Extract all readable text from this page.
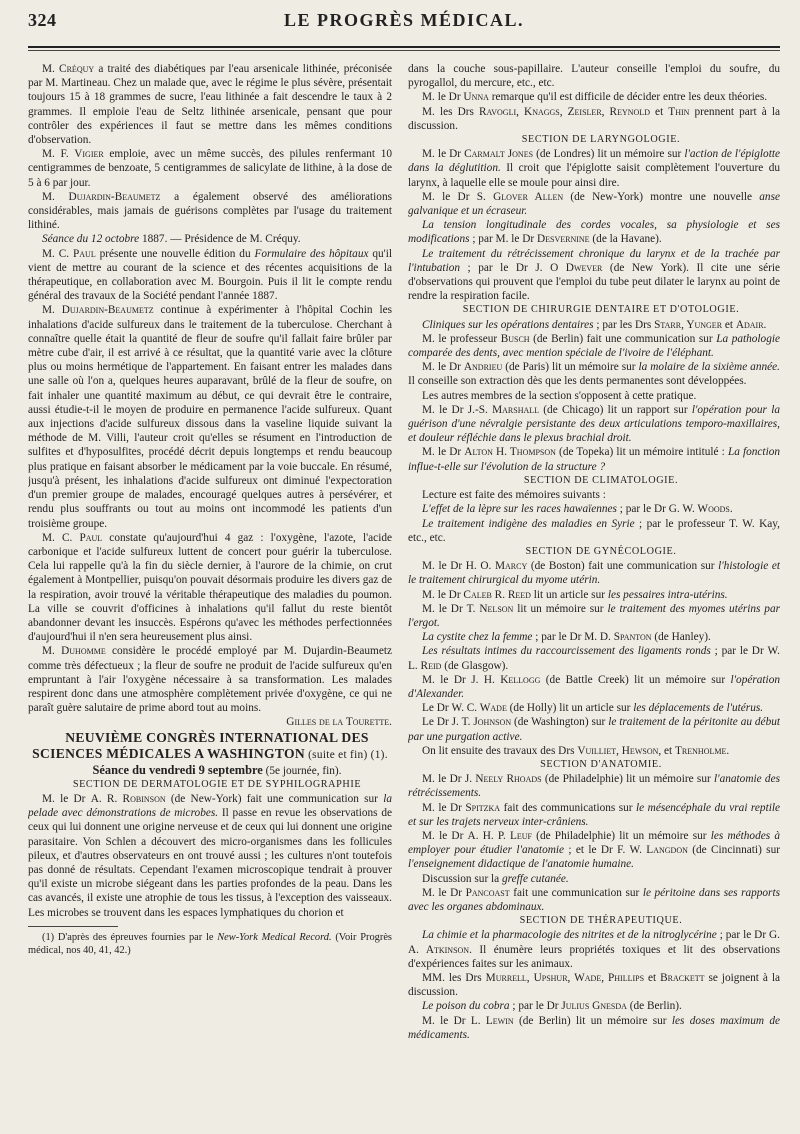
324	LE PROGRÈS MÉDICAL.

M. Créquy a traité des diabétiques par l'eau arsenicale lithinée, préconisée par M. Martineau. Chez un malade que, avec le régime le plus sévère, présentait toujours 15 à 18 grammes de sucre, l'eau lithinée a fait descendre le taux à 2 grammes. Il emploie l'eau de Seltz lithinée arsenicale, pensant que pour contrôler des expériences il faut se mettre dans les mêmes conditions d'observation.

M. F. Vigier emploie, avec un même succès, des pilules renfermant 10 centigrammes de benzoate, 5 centigrammes de salicylate de lithine, à la dose de 5 à 6 par jour.

M. Dujardin-Beaumetz a également observé des améliorations considérables, mais jamais de guérisons complètes par l'usage du traitement lithiné.

Séance du 12 octobre 1887. — Présidence de M. Créquy.

M. C. Paul présente une nouvelle édition du Formulaire des hôpitaux qu'il vient de mettre au courant de la science et des récentes acquisitions de la thérapeutique, en collaboration avec M. Bourgoin. Puis il lit le compte rendu général des travaux de la Société pendant l'année 1887.

M. Dujardin-Beaumetz continue à expérimenter à l'hôpital Cochin les inhalations d'acide sulfureux dans le traitement de la tuberculose. Cherchant à connaître quelle était la quantité de fleur de soufre qu'il fallait faire brûler par mètre cube d'air, il est arrivé à ce résultat, que la quantité varie avec la clôture plus ou moins hermétique de l'appartement. En faisant entrer les malades dans une salle où l'on a, quelques heures auparavant, brûlé de la fleur de soufre, on fait inhaler une quantité maximum au début, ce qui devrait être le contraire, aussi étudie-t-il le moyen de produire en permanence l'acide sulfureux. Quant aux injections d'acide sulfureux dissous dans la vaseline liquide suivant la méthode de M. Villi, l'auteur croit qu'elles se résument en l'introduction de sulfites et d'hyposulfites, procédé décrit depuis longtemps et rendu beaucoup plus pratique en faisant absorber le médicament par la voie buccale. En résumé, jusqu'à présent, les inhalations d'acide sulfureux ont diminué l'expectoration d'un premier groupe de malades, encouragé quelques autres à persévérer, et rendu plus souffrants ou tout au moins ont incommodé les patients d'un troisième groupe.

M. C. Paul constate qu'aujourd'hui 4 gaz : l'oxygène, l'azote, l'acide carbonique et l'acide sulfureux luttent de concert pour guérir la tuberculose. Cela lui rappelle qu'à la fin du siècle dernier, à l'aurore de la chimie, on crut également à Montpellier, puisqu'on pouvait désormais produire les divers gaz de la respiration, avoir trouvé la véritable thérapeutique des maladies du poumon. La ville se couvrit d'officines à inhalations qu'il fallut du reste bientôt abandonner devant les insuccès. Espérons qu'avec les méthodes perfectionnées d'aujourd'hui il n'en sera heureusement plus ainsi.

M. Duhomme considère le procédé employé par M. Dujardin-Beaumetz comme très défectueux ; la fleur de soufre ne produit de l'acide sulfureux qu'en empruntant à l'air l'oxygène nécessaire à sa transformation. Les malades respirent donc dans une atmosphère complètement privée d'oxygène, ce qui ne paraît guère salutaire de prime abord tout au moins.

Gilles de la Tourette.

NEUVIÈME CONGRÈS INTERNATIONAL DES SCIENCES MÉDICALES A WASHINGTON (suite et fin) (1).

Séance du vendredi 9 septembre (5e journée, fin).

SECTION DE DERMATOLOGIE ET DE SYPHILOGRAPHIE

M. le Dr A. R. Robinson (de New-York) fait une communication sur la pelade avec démonstrations de microbes. Il passe en revue les observations de ceux qui lui donnent une origine nerveuse et de ceux qui lui donnent une origine parasitaire. Von Schlen a découvert des micro-organismes dans les follicules pileux, et d'autres observateurs en ont trouvé aussi ; les cultures n'ont toutefois pas donné de résultats. Cependant l'examen microscopique tendrait à prouver qu'il existe un microbe siégeant dans les parties profondes de la peau. Dans les cas avancés, il existe une atrophie de tous les tissus, à l'exception des vaisseaux. Les microbes se trouvent dans les espaces lymphatiques du chorion et

(1) D'après des épreuves fournies par le New-York Medical Record. (Voir Progrès médical, nos 40, 41, 42.)

dans la couche sous-papillaire. L'auteur conseille l'emploi du soufre, du pyrogallol, du mercure, etc., etc.

M. le Dr Unna remarque qu'il est difficile de décider entre les deux théories.

M. les Drs Ravogli, Knaggs, Zeisler, Reynold et Thin prennent part à la discussion.

SECTION DE LARYNGOLOGIE.

M. le Dr Carmalt Jones (de Londres) lit un mémoire sur l'action de l'épiglotte dans la déglutition. Il croit que l'épiglotte saisit complètement l'ouverture du larynx, à laquelle elle se moule pour ainsi dire.

M. le Dr S. Glover Allen (de New-York) montre une nouvelle anse galvanique et un écraseur.

La tension longitudinale des cordes vocales, sa physiologie et ses modifications ; par M. le Dr Desvernine (de la Havane).

Le traitement du rétrécissement chronique du larynx et de la trachée par l'intubation ; par le Dr J. O Dwever (de New York). Il cite une série d'observations qui prouvent que l'emploi du tube peut dilater le larynx au point de rendre la respiration facile.

SECTION DE CHIRURGIE DENTAIRE ET D'OTOLOGIE.

Cliniques sur les opérations dentaires ; par les Drs Starr, Yunger et Adair.

M. le professeur Busch (de Berlin) fait une communication sur La pathologie comparée des dents, avec mention spéciale de l'ivoire de l'éléphant.

M. le Dr Andrieu (de Paris) lit un mémoire sur la molaire de la sixième année. Il conseille son extraction dès que les dents permanentes sont développées.

Les autres membres de la section s'opposent à cette pratique.

M. le Dr J.-S. Marshall (de Chicago) lit un rapport sur l'opération pour la guérison d'une névralgie persistante des deux articulations temporo-maxillaires, et douleur réfléchie dans le plexus brachial droit.

M. le Dr Alton H. Thompson (de Topeka) lit un mémoire intitulé : La fonction influe-t-elle sur l'évolution de la structure ?

SECTION DE CLIMATOLOGIE.

Lecture est faite des mémoires suivants :

L'effet de la lèpre sur les races hawaïennes ; par le Dr G. W. Woods.

Le traitement indigène des maladies en Syrie ; par le professeur T. W. Kay, etc., etc.

SECTION DE GYNÉCOLOGIE.

M. le Dr H. O. Marcy (de Boston) fait une communication sur l'histologie et le traitement chirurgical du myome utérin.

M. le Dr Caleb R. Reed lit un article sur les pessaires intra-utérins.

M. le Dr T. Nelson lit un mémoire sur le traitement des myomes utérins par l'ergot.

La cystite chez la femme ; par le Dr M. D. Spanton (de Hanley).

Les résultats intimes du raccourcissement des ligaments ronds ; par le Dr W. L. Reid (de Glasgow).

M. le Dr J. H. Kellogg (de Battle Creek) lit un mémoire sur l'opération d'Alexander.

Le Dr W. C. Wade (de Holly) lit un article sur les déplacements de l'utérus.

Le Dr J. T. Johnson (de Washington) sur le traitement de la péritonite au début par une purgation active.

On lit ensuite des travaux des Drs Vuilliet, Hewson, et Trenholme.

SECTION D'ANATOMIE.

M. le Dr J. Neely Rhoads (de Philadelphie) lit un mémoire sur l'anatomie des rétrécissements.

M. le Dr Spitzka fait des communications sur le mésencéphale du vrai reptile et sur les trajets nerveux inter-crâniens.

M. le Dr A. H. P. Leuf (de Philadelphie) lit un mémoire sur les méthodes à employer pour étudier l'anatomie ; et le Dr F. W. Langdon (de Cincinnati) sur l'enseignement didactique de l'anatomie humaine.

Discussion sur la greffe cutanée.

M. le Dr Pancoast fait une communication sur le péritoine dans ses rapports avec les organes abdominaux.

SECTION DE THÉRAPEUTIQUE.

La chimie et la pharmacologie des nitrites et de la nitroglycérine ; par le Dr G. A. Atkinson. Il énumère leurs propriétés toxiques et lit des observations d'expériences faites sur les animaux.

MM. les Drs Murrell, Upshur, Wade, Phillips et Brackett se joignent à la discussion.

Le poison du cobra ; par le Dr Julius Gnesda (de Berlin).

M. le Dr L. Lewin (de Berlin) lit un mémoire sur les doses maximum de médicaments.
